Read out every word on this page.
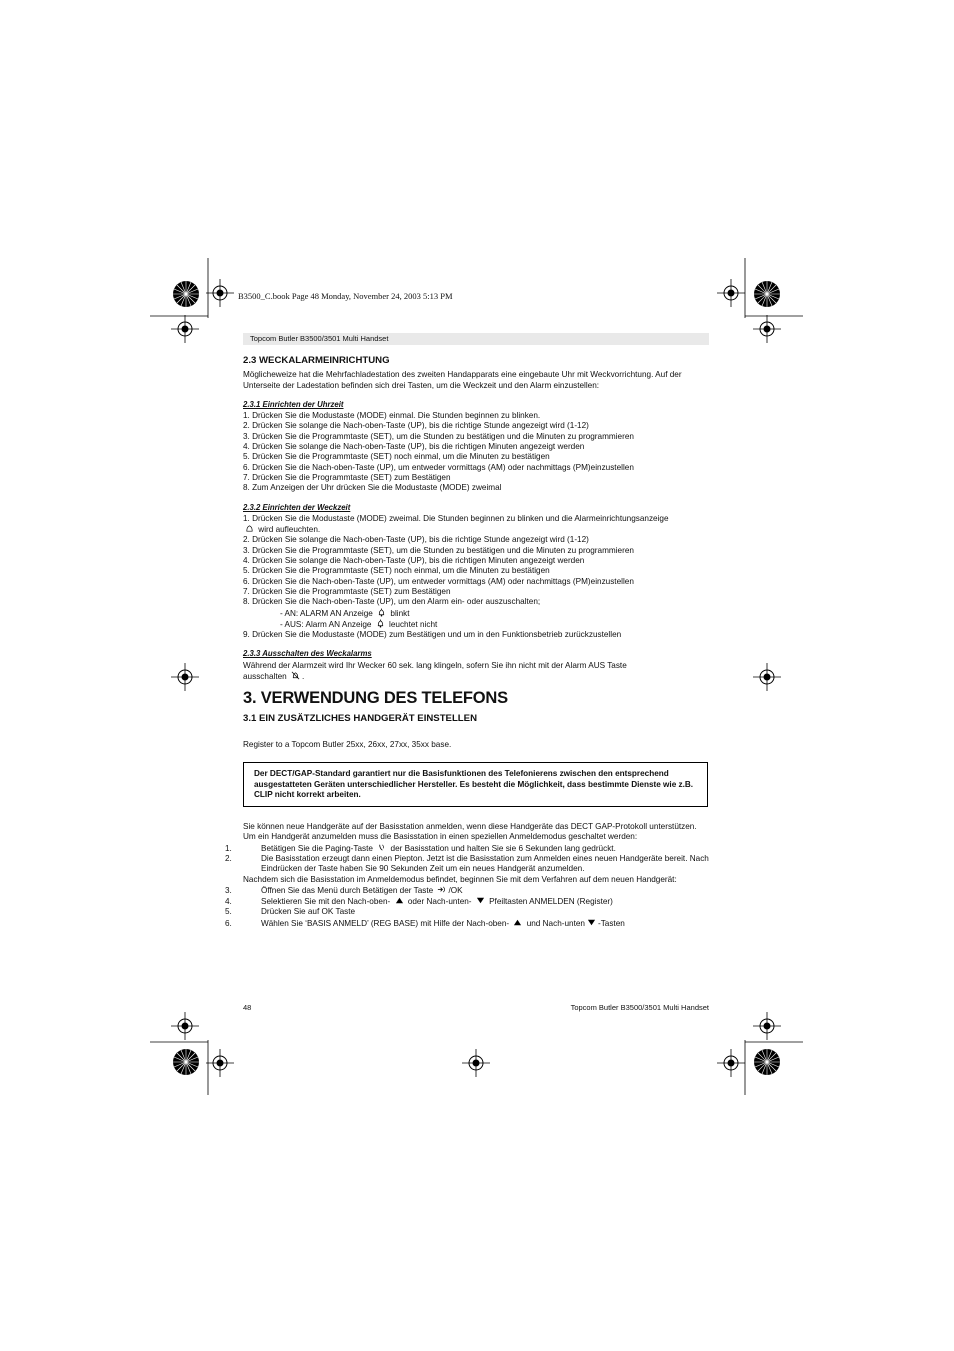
B3500_C.book Page 48 Monday, November 24, 2003 5:13 PM
Topcom Butler B3500/3501 Multi Handset
2.3 WECKALARMEINRICHTUNG

Möglicheweize hat die Mehrfachladestation des zweiten Handapparats eine eingebaute Uhr mit Weckvorrichtung. Auf der Unterseite der Ladestation befinden sich drei Tasten, um die Weckzeit und den Alarm einzustellen:

2.3.1 Einrichten der Uhrzeit
1. Drücken Sie die Modustaste (MODE) einmal. Die Stunden beginnen zu blinken.
2. Drücken Sie solange die Nach-oben-Taste (UP), bis die richtige Stunde angezeigt wird (1-12)
3. Drücken Sie die Programmtaste (SET), um die Stunden zu bestätigen und die Minuten zu programmieren
4. Drücken Sie solange die Nach-oben-Taste (UP), bis die richtigen Minuten angezeigt werden
5. Drücken Sie die Programmtaste (SET) noch einmal, um die Minuten zu bestätigen
6. Drücken Sie die Nach-oben-Taste (UP), um entweder vormittags (AM) oder nachmittags (PM)einzustellen
7. Drücken Sie die Programmtaste (SET) zum Bestätigen
8. Zum Anzeigen der Uhr drücken Sie die Modustaste (MODE) zweimal
2.3.2 Einrichten der Weckzeit
1. Drücken Sie die Modustaste (MODE) zweimal. Die Stunden beginnen zu blinken und die Alarmeinrichtungsanzeige
wird aufleuchten.
2. Drücken Sie solange die Nach-oben-Taste (UP), bis die richtige Stunde angezeigt wird (1-12)
3. Drücken Sie die Programmtaste (SET), um die Stunden zu bestätigen und die Minuten zu programmieren
4. Drücken Sie solange die Nach-oben-Taste (UP), bis die richtigen Minuten angezeigt werden
5. Drücken Sie die Programmtaste (SET) noch einmal, um die Minuten zu bestätigen
6. Drücken Sie die Nach-oben-Taste (UP), um entweder vormittags (AM) oder nachmittags (PM)einzustellen
7. Drücken Sie die Programmtaste (SET) zum Bestätigen
8. Drücken Sie die Nach-oben-Taste (UP), um den Alarm ein- oder auszuschalten;
- AN: ALARM AN Anzeige blinkt
- AUS: Alarm AN Anzeige leuchtet nicht
9. Drücken Sie die Modustaste (MODE) zum Bestätigen und um in den Funktionsbetrieb zurückzustellen
2.3.3 Ausschalten des Weckalarms

Während der Alarmzeit wird Ihr Wecker 60 sek. lang klingeln, sofern Sie ihn nicht mit der Alarm AUS Taste

ausschalten .

3. VERWENDUNG DES TELEFONS
3.1 EIN ZUSÄTZLICHES HANDGERÄT EINSTELLEN

Register to a Topcom Butler 25xx, 26xx, 27xx, 35xx base.

Der DECT/GAP-Standard garantiert nur die Basisfunktionen des Telefonierens zwischen den entsprechend ausgestatteten Geräten unterschiedlicher Hersteller. Es besteht die Möglichkeit, dass bestimmte Dienste wie z.B. CLIP nicht korrekt arbeiten.

Sie können neue Handgeräte auf der Basisstation anmelden, wenn diese Handgeräte das DECT GAP-Protokoll unterstützen.

Um ein Handgerät anzumelden muss die Basisstation in einen speziellen Anmeldemodus geschaltet werden:

1.	Betätigen Sie die Paging-Taste der Basisstation und halten Sie sie 6 Sekunden lang gedrückt.

2.	Die Basisstation erzeugt dann einen Piepton. Jetzt ist die Basisstation zum Anmelden eines neuen Handgeräte bereit. Nach Eindrücken der Taste haben Sie 90 Sekunden Zeit um ein neues Handgerät anzumelden.

Nachdem sich die Basisstation im Anmeldemodus befindet, beginnen Sie mit dem Verfahren auf dem neuen Handgerät:

3.	Öffnen Sie das Menü durch Betätigen der Taste /OK

4.	Selektieren Sie mit den Nach-oben- oder Nach-unten- Pfeiltasten ANMELDEN (Register)

5.	Drücken Sie auf OK Taste

6.	Wählen Sie ‘BASIS ANMELD’ (REG BASE) mit Hilfe der Nach-oben- und Nach-unten -Tasten

48	Topcom Butler B3500/3501 Multi Handset
